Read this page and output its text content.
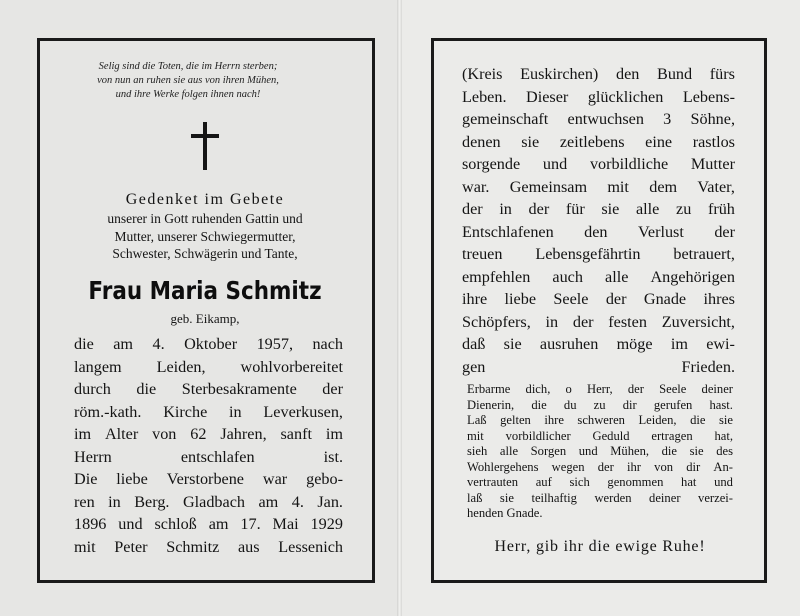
Selig sind die Toten, die im Herrn sterben;
von nun an ruhen sie aus von ihren Mühen,
und ihre Werke folgen ihnen nach!
Gedenket im Gebete
unserer in Gott ruhenden Gattin und
Mutter, unserer Schwiegermutter,
Schwester, Schwägerin und Tante,
Frau Maria Schmitz
geb. Eikamp,
die am 4. Oktober 1957, nach
langem Leiden, wohlvorbereitet
durch die Sterbesakramente der
röm.-kath. Kirche in Leverkusen,
im Alter von 62 Jahren, sanft im
Herrn entschlafen ist.
Die liebe Verstorbene war gebo-
ren in Berg. Gladbach am 4. Jan.
1896 und schloß am 17. Mai 1929
mit Peter Schmitz aus Lessenich
(Kreis Euskirchen) den Bund fürs
Leben. Dieser glücklichen Lebens-
gemeinschaft entwuchsen 3 Söhne,
denen sie zeitlebens eine rastlos
sorgende und vorbildliche Mutter
war. Gemeinsam mit dem Vater,
der in der für sie alle zu früh
Entschlafenen den Verlust der
treuen Lebensgefährtin betrauert,
empfehlen auch alle Angehörigen
ihre liebe Seele der Gnade ihres
Schöpfers, in der festen Zuversicht,
daß sie ausruhen möge im ewi-
gen Frieden.
Erbarme dich, o Herr, der Seele deiner
Dienerin, die du zu dir gerufen hast.
Laß gelten ihre schweren Leiden, die sie
mit vorbildlicher Geduld ertragen hat,
sieh alle Sorgen und Mühen, die sie des
Wohlergehens wegen der ihr von dir An-
vertrauten auf sich genommen hat und
laß sie teilhaftig werden deiner verzei-
henden Gnade.
Herr, gib ihr die ewige Ruhe!
